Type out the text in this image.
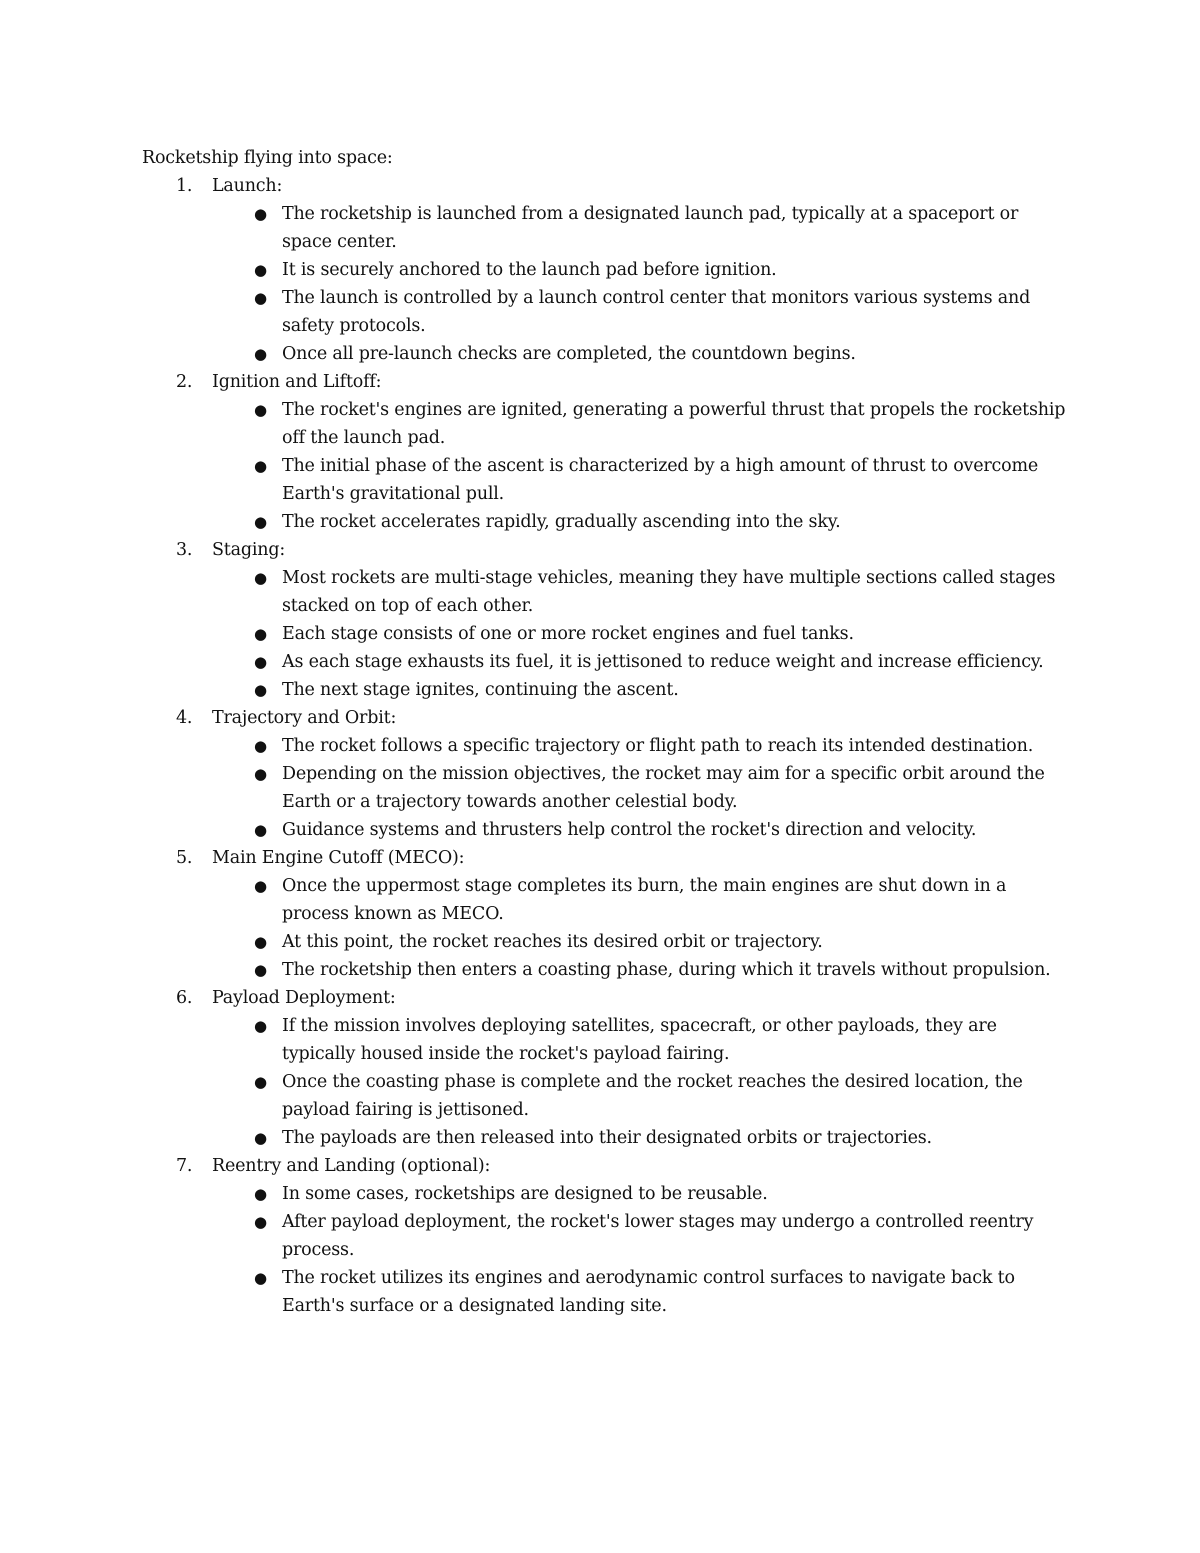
Rocketship flying into space:
1. Launch:
● The rocketship is launched from a designated launch pad, typically at a spaceport or space center.
● It is securely anchored to the launch pad before ignition.
● The launch is controlled by a launch control center that monitors various systems and safety protocols.
● Once all pre-launch checks are completed, the countdown begins.
2. Ignition and Liftoff:
● The rocket's engines are ignited, generating a powerful thrust that propels the rocketship off the launch pad.
● The initial phase of the ascent is characterized by a high amount of thrust to overcome Earth's gravitational pull.
● The rocket accelerates rapidly, gradually ascending into the sky.
3. Staging:
● Most rockets are multi-stage vehicles, meaning they have multiple sections called stages stacked on top of each other.
● Each stage consists of one or more rocket engines and fuel tanks.
● As each stage exhausts its fuel, it is jettisoned to reduce weight and increase efficiency.
● The next stage ignites, continuing the ascent.
4. Trajectory and Orbit:
● The rocket follows a specific trajectory or flight path to reach its intended destination.
● Depending on the mission objectives, the rocket may aim for a specific orbit around the Earth or a trajectory towards another celestial body.
● Guidance systems and thrusters help control the rocket's direction and velocity.
5. Main Engine Cutoff (MECO):
● Once the uppermost stage completes its burn, the main engines are shut down in a process known as MECO.
● At this point, the rocket reaches its desired orbit or trajectory.
● The rocketship then enters a coasting phase, during which it travels without propulsion.
6. Payload Deployment:
● If the mission involves deploying satellites, spacecraft, or other payloads, they are typically housed inside the rocket's payload fairing.
● Once the coasting phase is complete and the rocket reaches the desired location, the payload fairing is jettisoned.
● The payloads are then released into their designated orbits or trajectories.
7. Reentry and Landing (optional):
● In some cases, rocketships are designed to be reusable.
● After payload deployment, the rocket's lower stages may undergo a controlled reentry process.
● The rocket utilizes its engines and aerodynamic control surfaces to navigate back to Earth's surface or a designated landing site.
